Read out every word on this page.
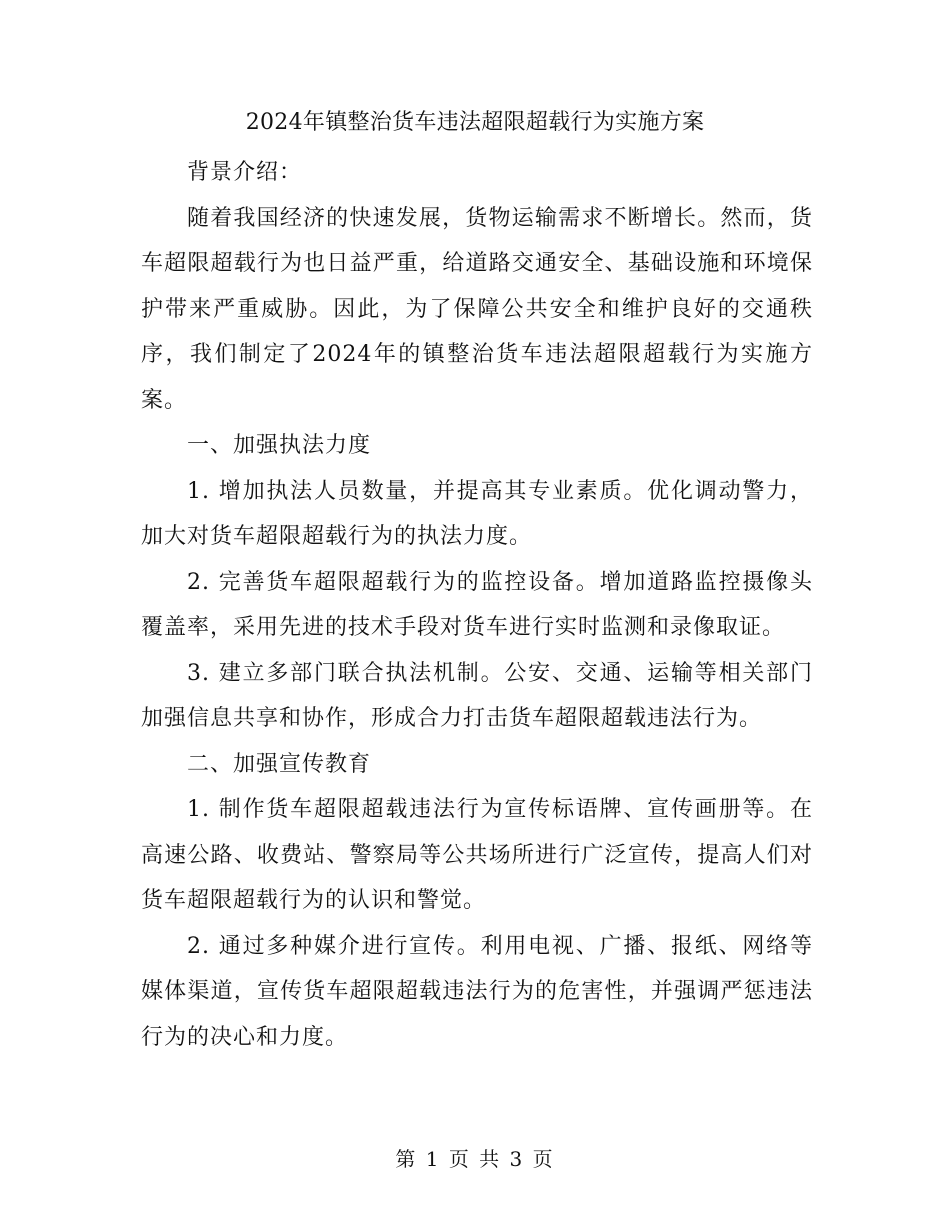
2024年镇整治货车违法超限超载行为实施方案

背景介绍：

随着我国经济的快速发展，货物运输需求不断增长。然而，货车超限超载行为也日益严重，给道路交通安全、基础设施和环境保护带来严重威胁。因此，为了保障公共安全和维护良好的交通秩序，我们制定了2024年的镇整治货车违法超限超载行为实施方案。

一、加强执法力度

1. 增加执法人员数量，并提高其专业素质。优化调动警力，加大对货车超限超载行为的执法力度。

2. 完善货车超限超载行为的监控设备。增加道路监控摄像头覆盖率，采用先进的技术手段对货车进行实时监测和录像取证。

3. 建立多部门联合执法机制。公安、交通、运输等相关部门加强信息共享和协作，形成合力打击货车超限超载违法行为。

二、加强宣传教育

1. 制作货车超限超载违法行为宣传标语牌、宣传画册等。在高速公路、收费站、警察局等公共场所进行广泛宣传，提高人们对货车超限超载行为的认识和警觉。

2. 通过多种媒介进行宣传。利用电视、广播、报纸、网络等媒体渠道，宣传货车超限超载违法行为的危害性，并强调严惩违法行为的决心和力度。

第 1 页 共 3 页
